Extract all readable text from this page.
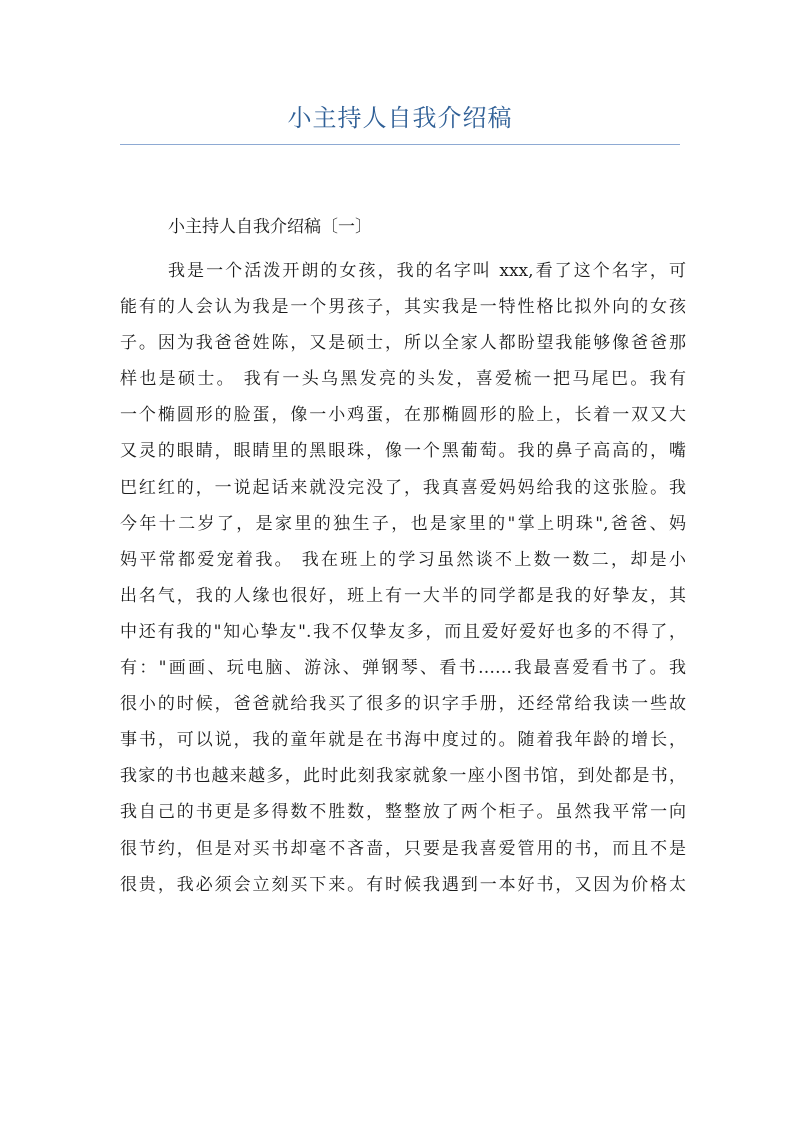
小主持人自我介绍稿
小主持人自我介绍稿〔一〕
我是一个活泼开朗的女孩，我的名字叫 xxx,看了这个名字，可
能有的人会认为我是一个男孩子，其实我是一特性格比拟外向的女孩
子。因为我爸爸姓陈，又是硕士，所以全家人都盼望我能够像爸爸那
样也是硕士。 我有一头乌黑发亮的头发，喜爱梳一把马尾巴。我有
一个椭圆形的脸蛋，像一小鸡蛋，在那椭圆形的脸上，长着一双又大
又灵的眼睛，眼睛里的黑眼珠，像一个黑葡萄。我的鼻子高高的，嘴
巴红红的，一说起话来就没完没了，我真喜爱妈妈给我的这张脸。我
今年十二岁了，是家里的独生子，也是家里的"掌上明珠",爸爸、妈
妈平常都爱宠着我。 我在班上的学习虽然谈不上数一数二，却是小
出名气，我的人缘也很好，班上有一大半的同学都是我的好挚友，其
中还有我的"知心挚友".我不仅挚友多，而且爱好爱好也多的不得了，
有："画画、玩电脑、游泳、弹钢琴、看书……我最喜爱看书了。我
很小的时候，爸爸就给我买了很多的识字手册，还经常给我读一些故
事书，可以说，我的童年就是在书海中度过的。随着我年龄的增长，
我家的书也越来越多，此时此刻我家就象一座小图书馆，到处都是书，
我自己的书更是多得数不胜数，整整放了两个柜子。虽然我平常一向
很节约，但是对买书却毫不吝啬，只要是我喜爱管用的书，而且不是
很贵，我必须会立刻买下来。有时候我遇到一本好书，又因为价格太
